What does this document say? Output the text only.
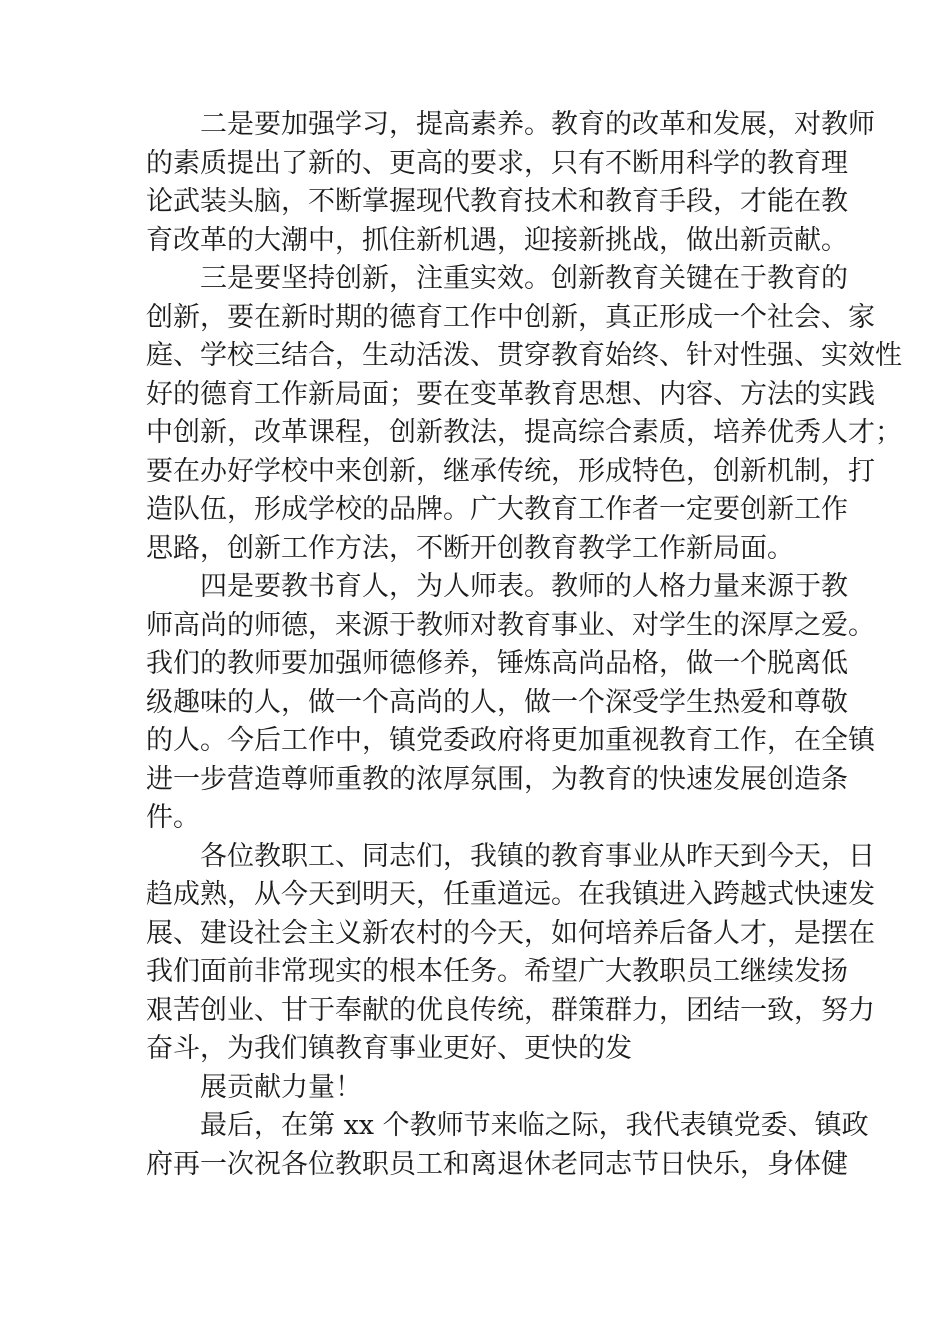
二是要加强学习，提高素养。教育的改革和发展，对教师
的素质提出了新的、更高的要求，只有不断用科学的教育理
论武装头脑，不断掌握现代教育技术和教育手段，才能在教
育改革的大潮中，抓住新机遇，迎接新挑战，做出新贡献。
三是要坚持创新，注重实效。创新教育关键在于教育的
创新，要在新时期的德育工作中创新，真正形成一个社会、家
庭、学校三结合，生动活泼、贯穿教育始终、针对性强、实效性
好的德育工作新局面；要在变革教育思想、内容、方法的实践
中创新，改革课程，创新教法，提高综合素质，培养优秀人才；
要在办好学校中来创新，继承传统，形成特色，创新机制，打
造队伍，形成学校的品牌。广大教育工作者一定要创新工作
思路，创新工作方法，不断开创教育教学工作新局面。
四是要教书育人，为人师表。教师的人格力量来源于教
师高尚的师德，来源于教师对教育事业、对学生的深厚之爱。
我们的教师要加强师德修养，锤炼高尚品格，做一个脱离低
级趣味的人，做一个高尚的人，做一个深受学生热爱和尊敬
的人。今后工作中，镇党委政府将更加重视教育工作，在全镇
进一步营造尊师重教的浓厚氛围，为教育的快速发展创造条
件。
各位教职工、同志们，我镇的教育事业从昨天到今天，日
趋成熟，从今天到明天，任重道远。在我镇进入跨越式快速发
展、建设社会主义新农村的今天，如何培养后备人才，是摆在
我们面前非常现实的根本任务。希望广大教职员工继续发扬
艰苦创业、甘于奉献的优良传统，群策群力，团结一致，努力
奋斗，为我们镇教育事业更好、更快的发
展贡献力量！
最后，在第 xx 个教师节来临之际，我代表镇党委、镇政
府再一次祝各位教职员工和离退休老同志节日快乐，身体健
